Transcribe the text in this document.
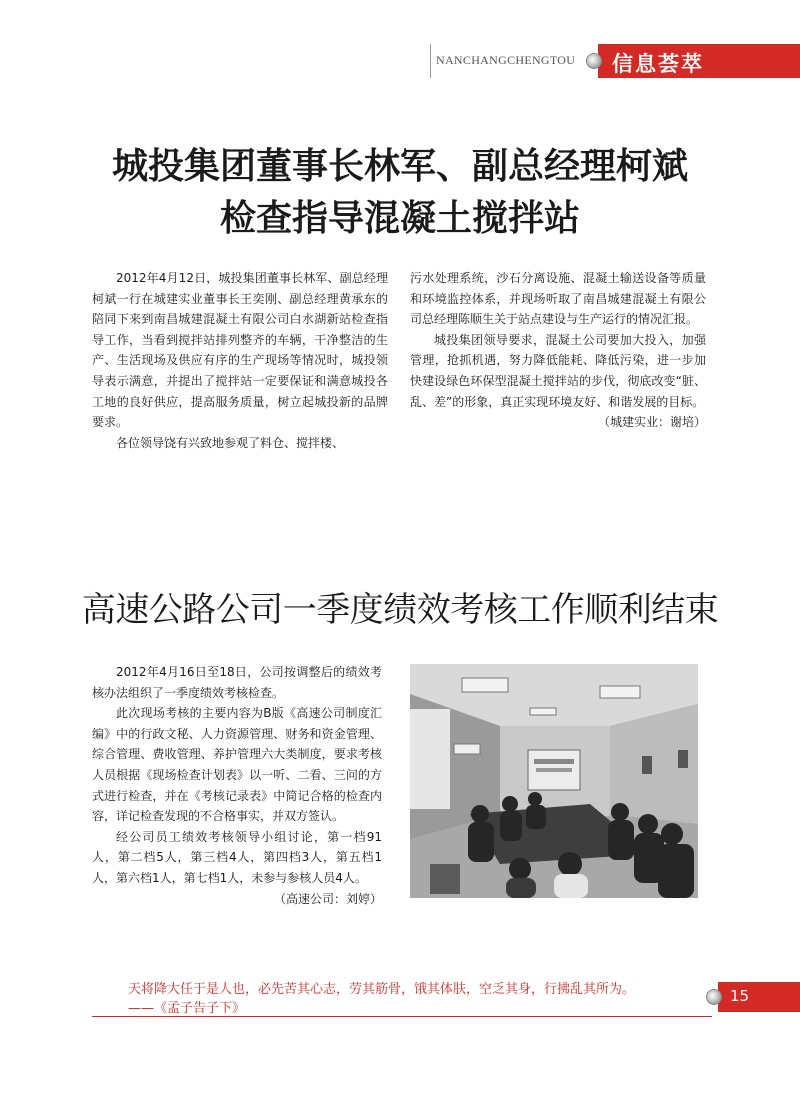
NANCHANGCHENGTOU 信息荟萃
城投集团董事长林军、副总经理柯斌
检查指导混凝土搅拌站

2012年4月12日，城投集团董事长林军、副总经理柯斌一行在城建实业董事长王奕刚、副总经理黄承东的陪同下来到南昌城建混凝土有限公司白水湖新站检查指导工作，当看到搅拌站排列整齐的车辆，干净整洁的生产、生活现场及供应有序的生产现场等情况时，城投领导表示满意，并提出了搅拌站一定要保证和满意城投各工地的良好供应，提高服务质量，树立起城投新的品牌要求。

各位领导饶有兴致地参观了料仓、搅拌楼、

污水处理系统，沙石分离设施、混凝土输送设备等质量和环境监控体系，并现场听取了南昌城建混凝土有限公司总经理陈顺生关于站点建设与生产运行的情况汇报。

城投集团领导要求，混凝土公司要加大投入，加强管理，抢抓机遇，努力降低能耗、降低污染，进一步加快建设绿色环保型混凝土搅拌站的步伐，彻底改变“脏、乱、差”的形象，真正实现环境友好、和谐发展的目标。

（城建实业：谢培）
高速公路公司一季度绩效考核工作顺利结束

2012年4月16日至18日，公司按调整后的绩效考核办法组织了一季度绩效考核检查。

此次现场考核的主要内容为B版《高速公司制度汇编》中的行政文秘、人力资源管理、财务和资金管理、综合管理、费收管理、养护管理六大类制度，要求考核人员根据《现场检查计划表》以一听、二看、三问的方式进行检查，并在《考核记录表》中简记合格的检查内容，详记检查发现的不合格事实，并双方签认。

经公司员工绩效考核领导小组讨论，第一档91人，第二档5人，第三档4人，第四档3人，第五档1人，第六档1人，第七档1人，未参与参核人员4人。

（高速公司：刘婷）
天将降大任于是人也，必先苦其心志，劳其筋骨，饿其体肤，空乏其身，行拂乱其所为。
——《孟子告子下》
15
